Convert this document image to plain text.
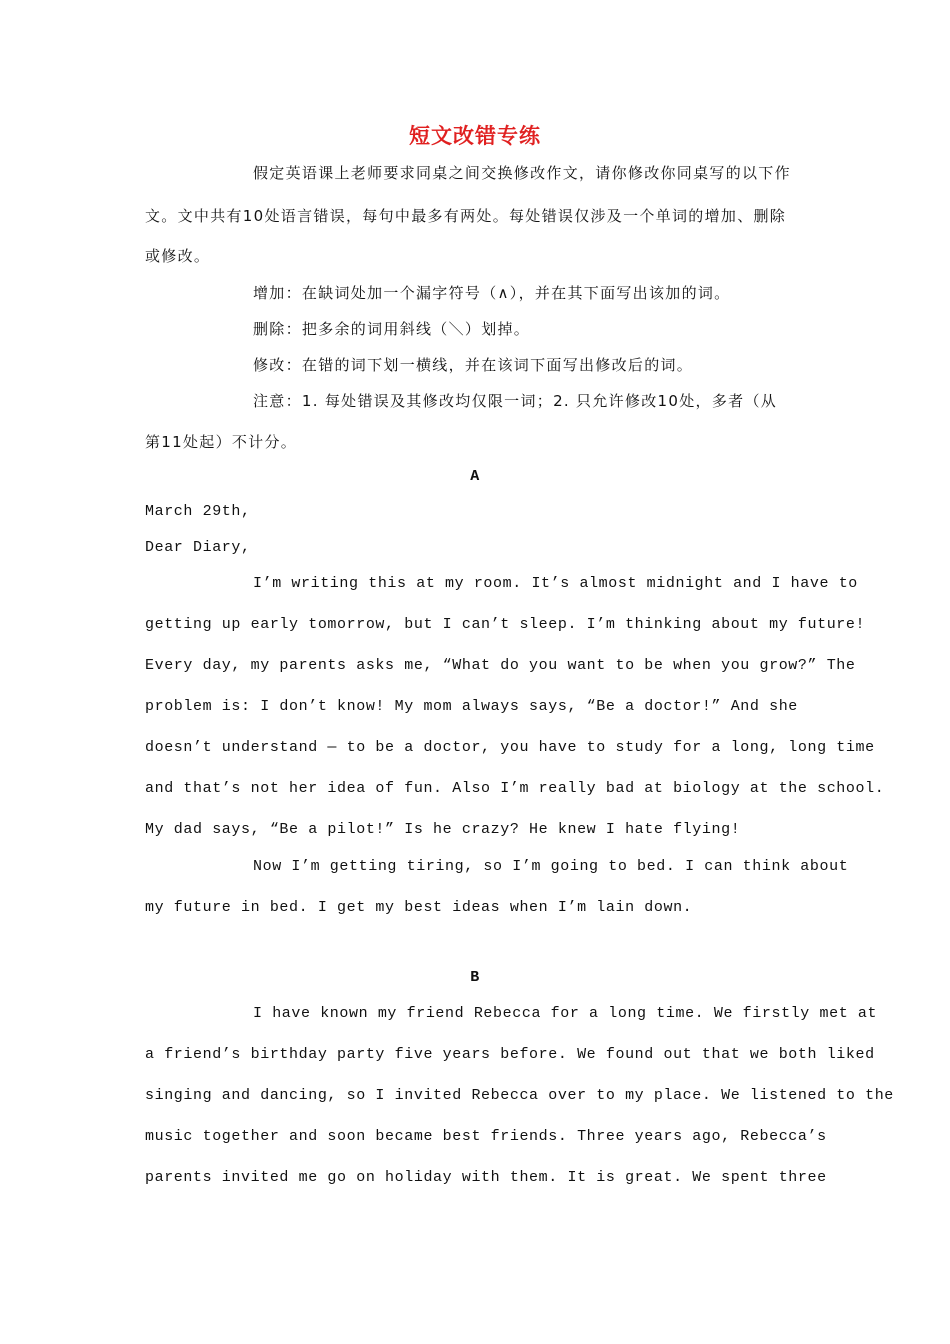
短文改错专练
假定英语课上老师要求同桌之间交换修改作文，请你修改你同桌写的以下作
文。文中共有10处语言错误，每句中最多有两处。每处错误仅涉及一个单词的增加、删除
或修改。
增加：在缺词处加一个漏字符号（∧），并在其下面写出该加的词。
删除：把多余的词用斜线（＼）划掉。
修改：在错的词下划一横线，并在该词下面写出修改后的词。
注意：1. 每处错误及其修改均仅限一词；2. 只允许修改10处，多者（从
第11处起）不计分。
A
March 29th,
Dear Diary,
I’m writing this at my room. It’s almost midnight and I have to
getting up early tomorrow, but I can’t sleep. I’m thinking about my future!
Every day, my parents asks me, “What do you want to be when you grow?” The
problem is: I don’t know! My mom always says, “Be a doctor!” And she
doesn’t understand — to be a doctor, you have to study for a long, long time
and that’s not her idea of fun. Also I’m really bad at biology at the school.
My dad says, “Be a pilot!” Is he crazy? He knew I hate flying!
Now I’m getting tiring, so I’m going to bed. I can think about
my future in bed. I get my best ideas when I’m lain down.
B
I have known my friend Rebecca for a long time. We firstly met at
a friend’s birthday party five years before. We found out that we both liked
singing and dancing, so I invited Rebecca over to my place. We listened to the
music together and soon became best friends. Three years ago, Rebecca’s
parents invited me go on holiday with them. It is great. We spent three
